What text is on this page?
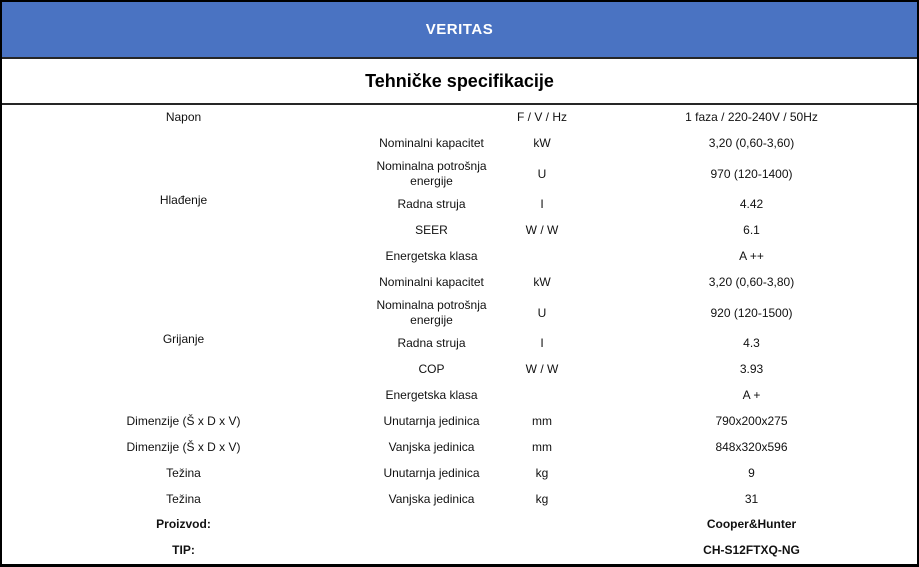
VERITAS
Tehničke specifikacije
Napon		F / V / Hz	1 faza / 220-240V / 50Hz
Hlađenje	Nominalni kapacitet	kW	3,20 (0,60-3,60)
	Nominalna potrošnja energije	U	970 (120-1400)
	Radna struja	I	4.42
	SEER	W / W	6.1
	Energetska klasa		A ++
Grijanje	Nominalni kapacitet	kW	3,20 (0,60-3,80)
	Nominalna potrošnja energije	U	920 (120-1500)
	Radna struja	I	4.3
	COP	W / W	3.93
	Energetska klasa		A +
Dimenzije (Š x D x V)	Unutarnja jedinica	mm	790x200x275
Dimenzije (Š x D x V)	Vanjska jedinica	mm	848x320x596
Težina	Unutarnja jedinica	kg	9
Težina	Vanjska jedinica	kg	31
Proizvod:			Cooper&Hunter
TIP:			CH-S12FTXQ-NG
